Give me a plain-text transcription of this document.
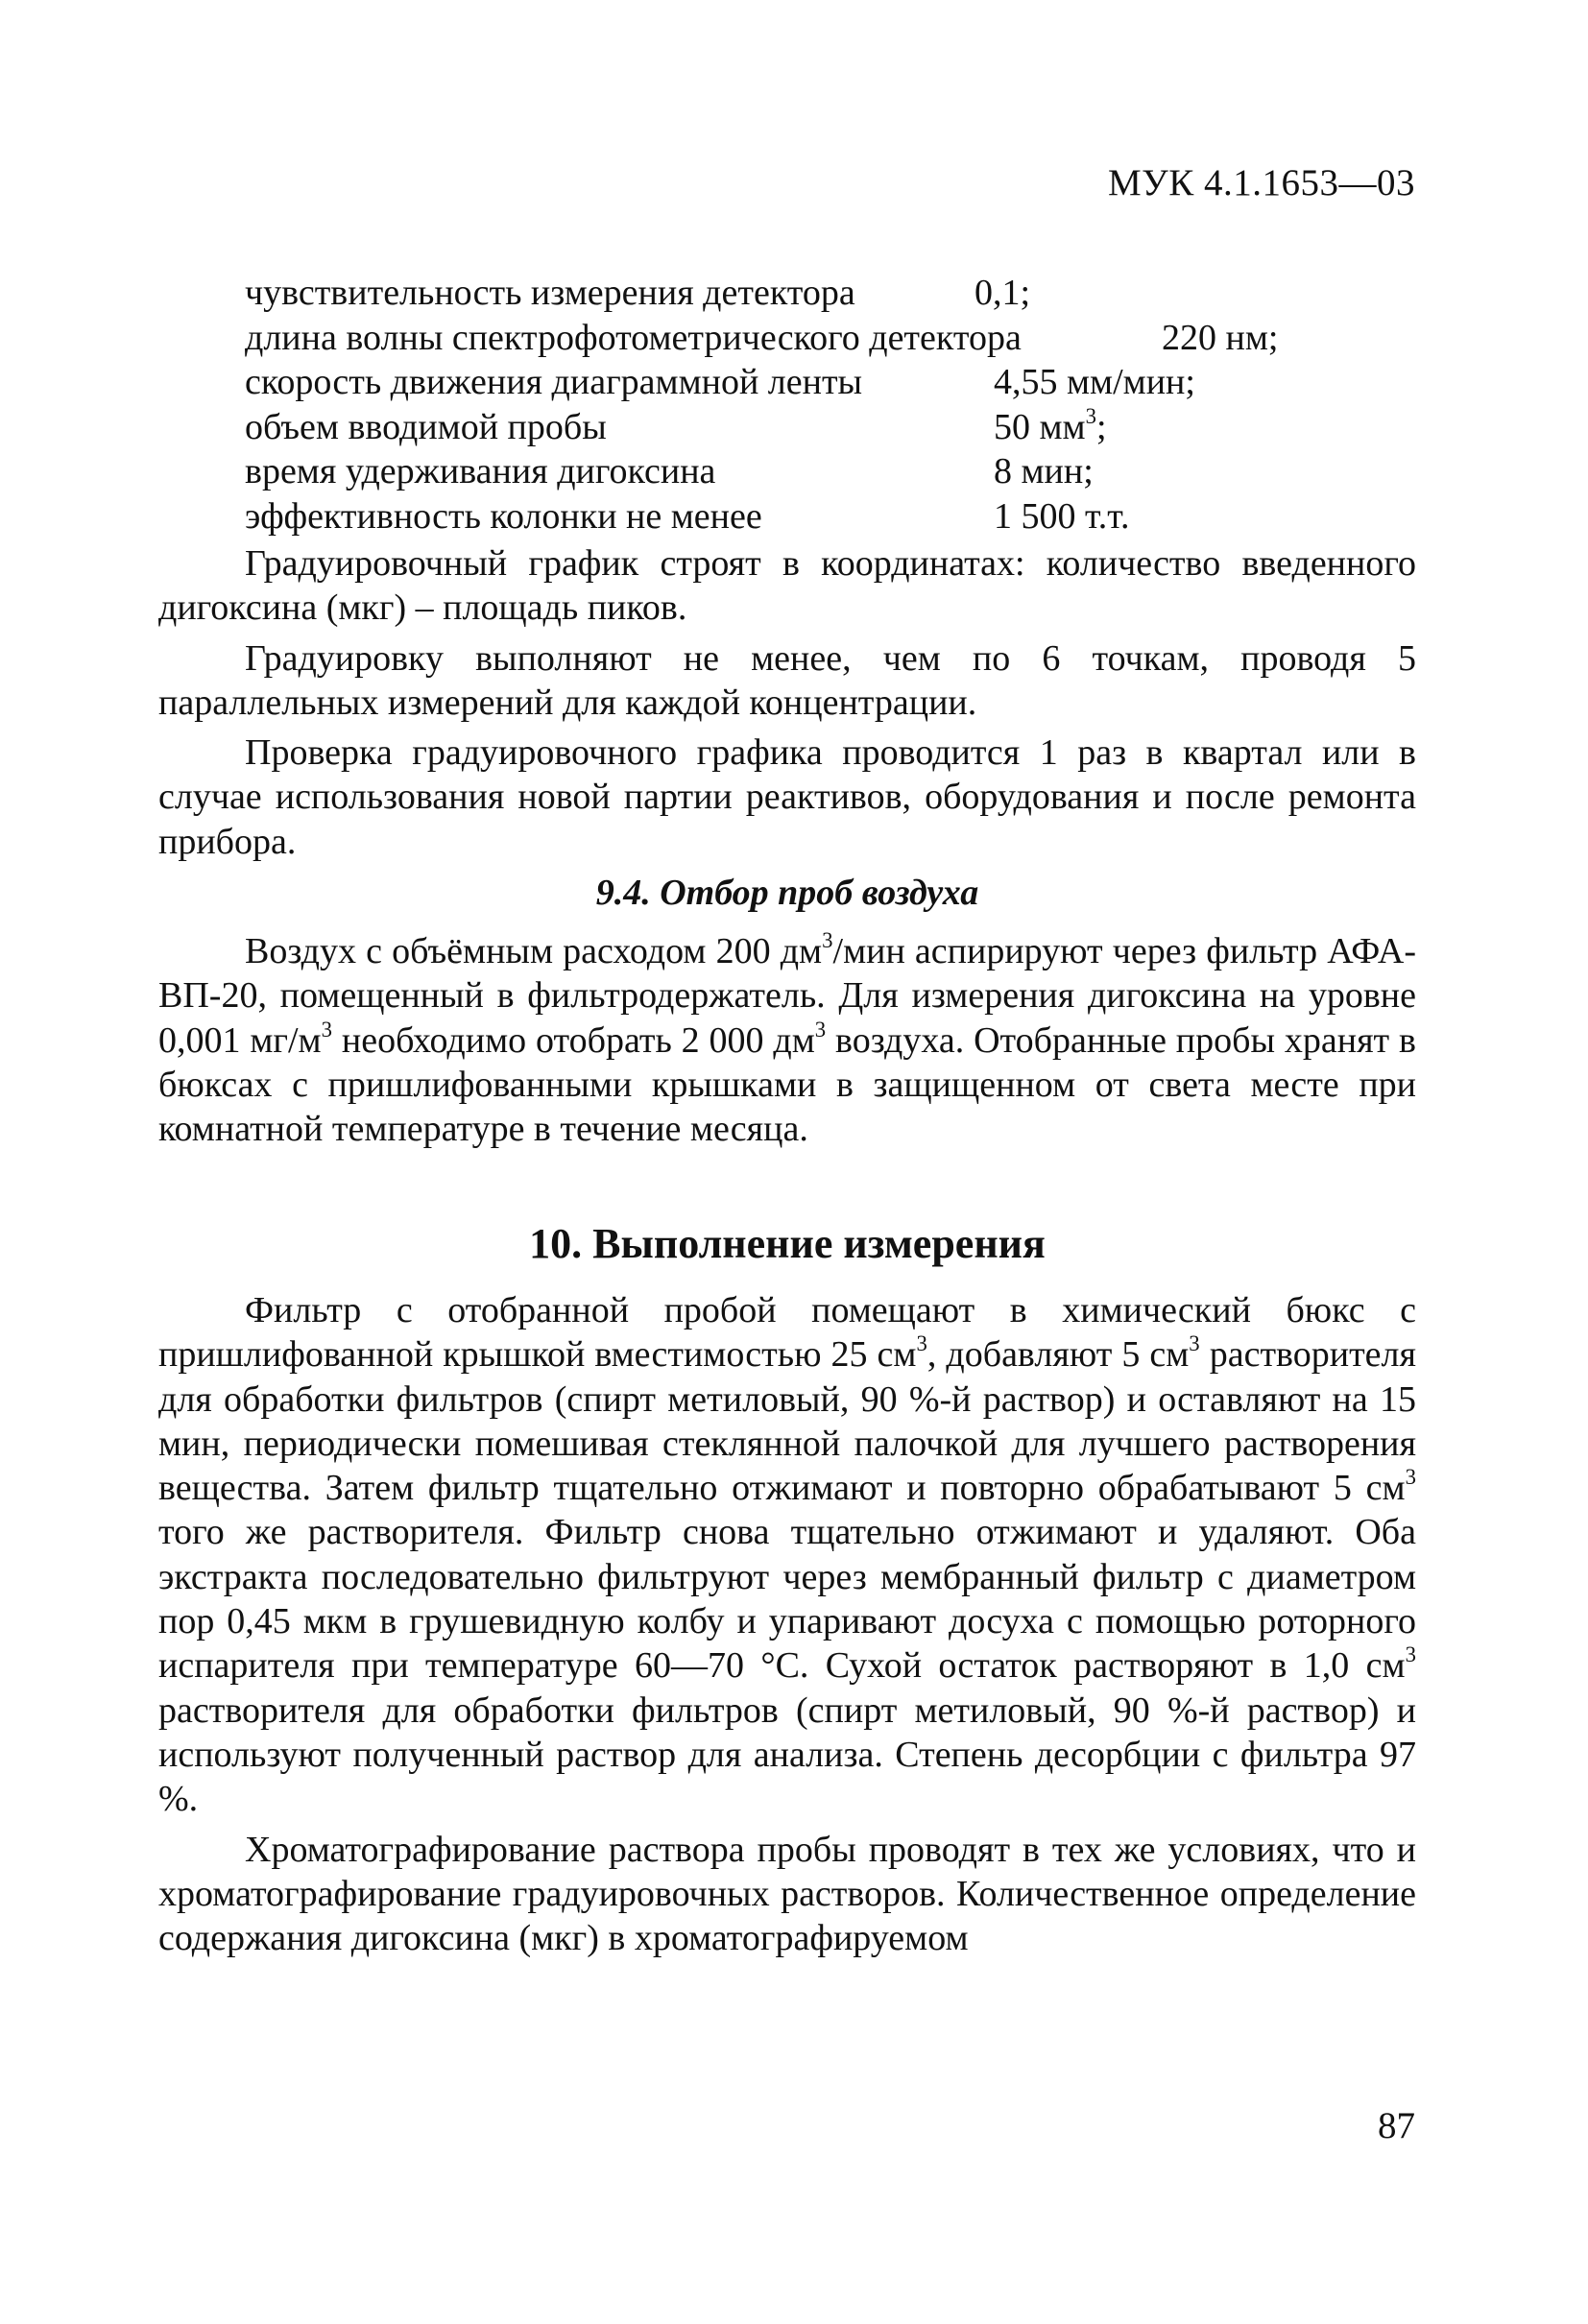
МУК 4.1.1653—03
чувствительность измерения детектора	0,1;
длина волны спектрофотометрического детектора	220 нм;
скорость движения диаграммной ленты	4,55 мм/мин;
объем вводимой пробы	50 $мм^3$;
время удерживания дигоксина	8 мин;
эффективность колонки не менее	1 500 т.т.

Градуировочный график строят в координатах: количество введенного дигоксина (мкг) – площадь пиков.

Градуировку выполняют не менее, чем по 6 точкам, проводя 5 параллельных измерений для каждой концентрации.

Проверка градуировочного графика проводится 1 раз в квартал или в случае использования новой партии реактивов, оборудования и после ремонта прибора.

9.4. Отбор проб воздуха

Воздух с объёмным расходом 200 $дм^3$/мин аспирируют через фильтр АФА-ВП-20, помещенный в фильтродержатель. Для измерения дигоксина на уровне 0,001 $мг/м^3$ необходимо отобрать 2 000 $дм^3$ воздуха. Отобранные пробы хранят в бюксах с пришлифованными крышками в защищенном от света месте при комнатной температуре в течение месяца.

10. Выполнение измерения

Фильтр с отобранной пробой помещают в химический бюкс с пришлифованной крышкой вместимостью 25 $см^3$, добавляют 5 $см^3$ растворителя для обработки фильтров (спирт метиловый, 90 %-й раствор) и оставляют на 15 мин, периодически помешивая стеклянной палочкой для лучшего растворения вещества. Затем фильтр тщательно отжимают и повторно обрабатывают 5 $см^3$ того же растворителя. Фильтр снова тщательно отжимают и удаляют. Оба экстракта последовательно фильтруют через мембранный фильтр с диаметром пор 0,45 мкм в грушевидную колбу и упаривают досуха с помощью роторного испарителя при температуре 60—70 °С. Сухой остаток растворяют в 1,0 $см^3$ растворителя для обработки фильтров (спирт метиловый, 90 %-й раствор) и используют полученный раствор для анализа. Степень десорбции с фильтра 97 %.

Хроматографирование раствора пробы проводят в тех же условиях, что и хроматографирование градуировочных растворов. Количественное определение содержания дигоксина (мкг) в хроматографируемом

87
